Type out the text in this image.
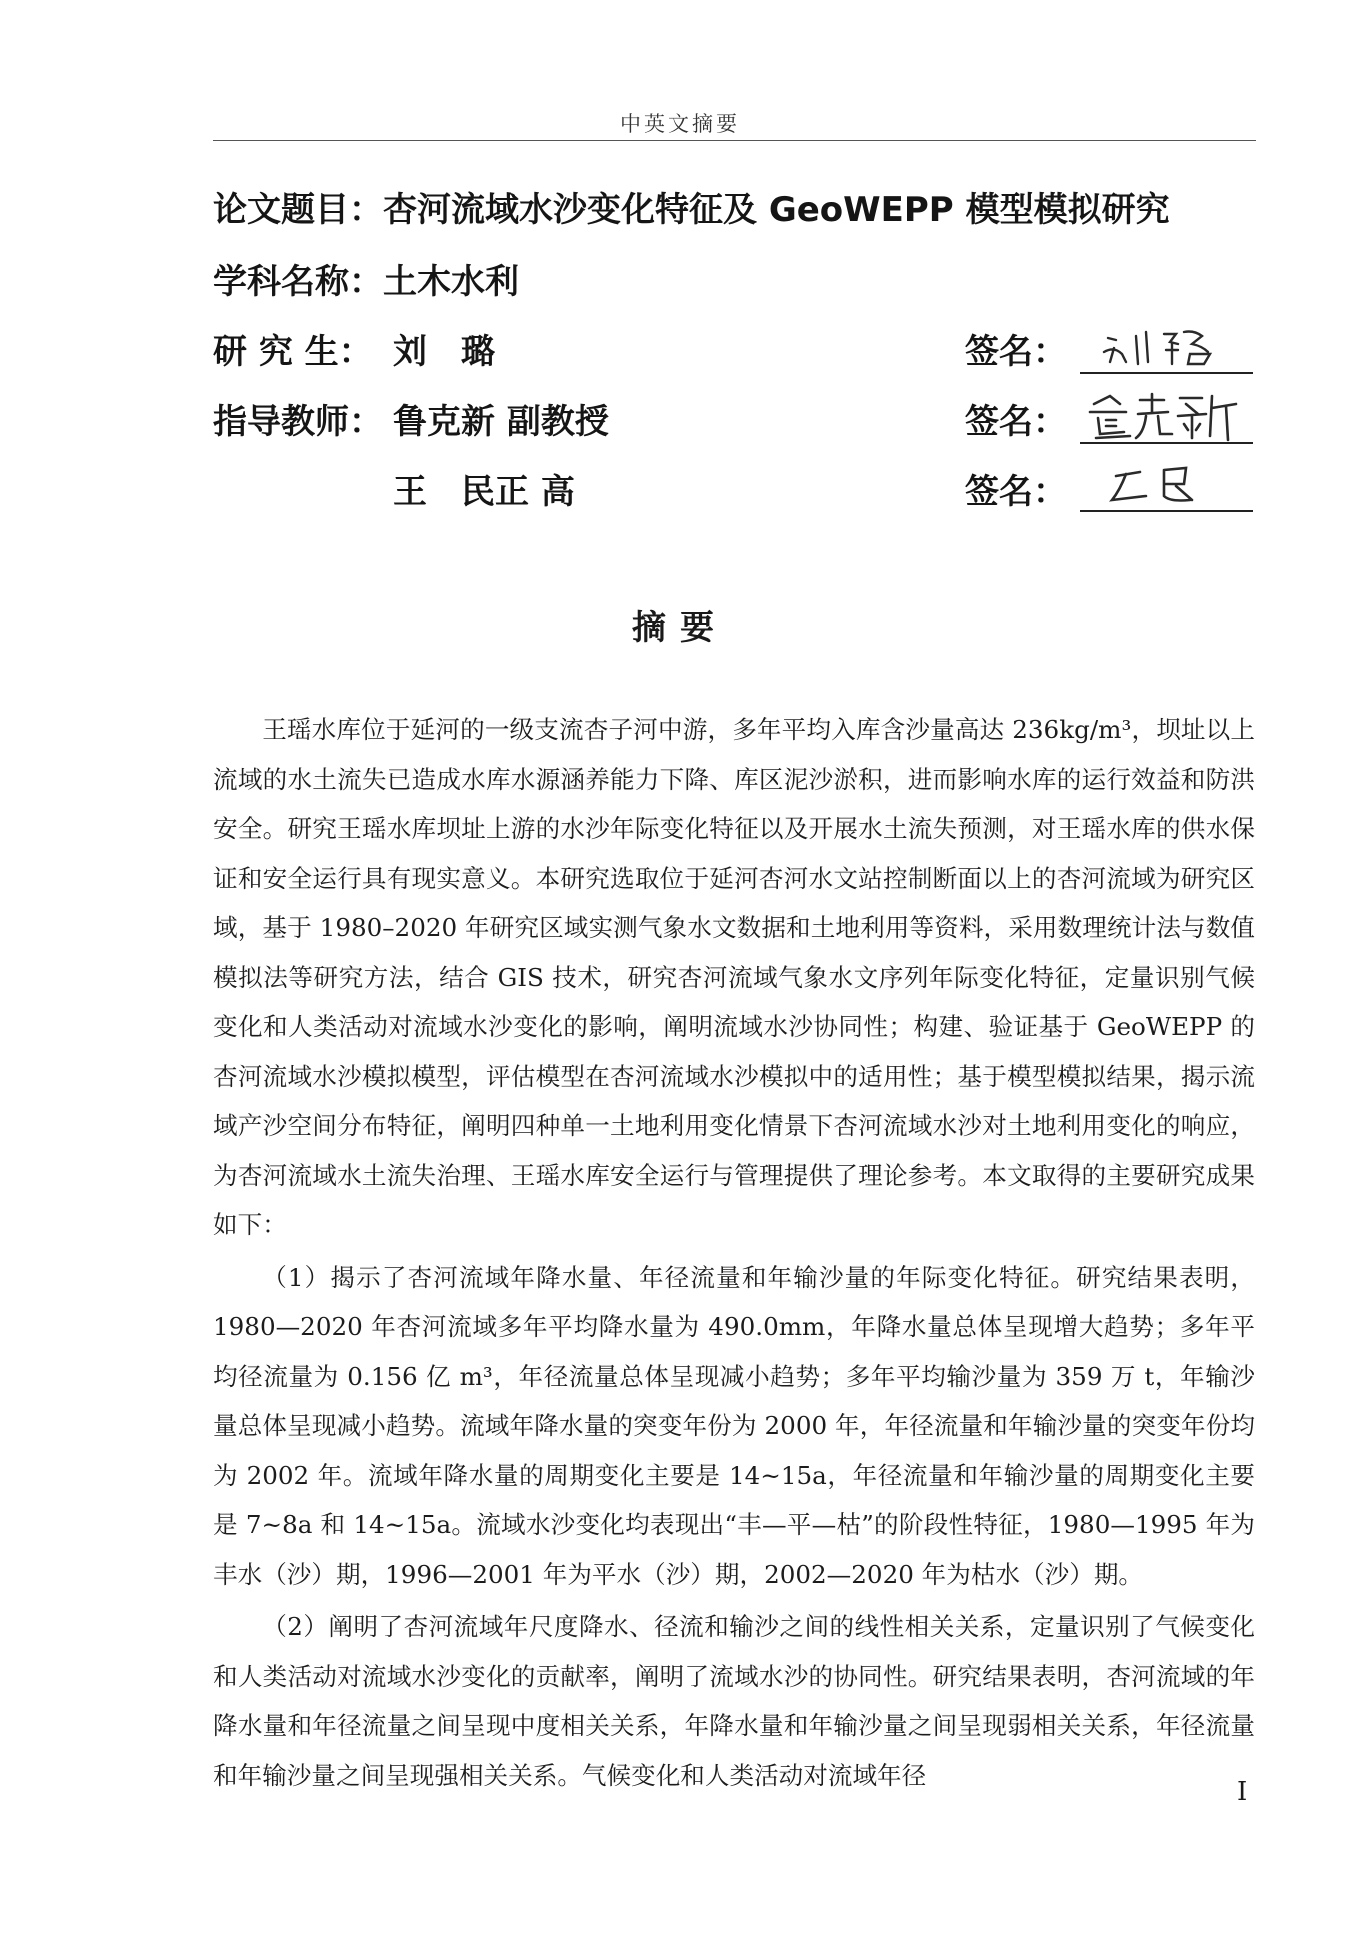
中英文摘要
论文题目：杏河流域水沙变化特征及 GeoWEPP 模型模拟研究
学科名称：土木水利
研 究 生： 刘　璐	签名：
指导教师： 鲁克新 副教授	签名：
王　民正 高	签名：
摘要

王瑶水库位于延河的一级支流杏子河中游，多年平均入库含沙量高达 236kg/m³，坝址以上流域的水土流失已造成水库水源涵养能力下降、库区泥沙淤积，进而影响水库的运行效益和防洪安全。研究王瑶水库坝址上游的水沙年际变化特征以及开展水土流失预测，对王瑶水库的供水保证和安全运行具有现实意义。本研究选取位于延河杏河水文站控制断面以上的杏河流域为研究区域，基于 1980–2020 年研究区域实测气象水文数据和土地利用等资料，采用数理统计法与数值模拟法等研究方法，结合 GIS 技术，研究杏河流域气象水文序列年际变化特征，定量识别气候变化和人类活动对流域水沙变化的影响，阐明流域水沙协同性；构建、验证基于 GeoWEPP 的杏河流域水沙模拟模型，评估模型在杏河流域水沙模拟中的适用性；基于模型模拟结果，揭示流域产沙空间分布特征，阐明四种单一土地利用变化情景下杏河流域水沙对土地利用变化的响应，为杏河流域水土流失治理、王瑶水库安全运行与管理提供了理论参考。本文取得的主要研究成果如下：

（1）揭示了杏河流域年降水量、年径流量和年输沙量的年际变化特征。研究结果表明，1980—2020 年杏河流域多年平均降水量为 490.0mm，年降水量总体呈现增大趋势；多年平均径流量为 0.156 亿 m³，年径流量总体呈现减小趋势；多年平均输沙量为 359 万 t，年输沙量总体呈现减小趋势。流域年降水量的突变年份为 2000 年，年径流量和年输沙量的突变年份均为 2002 年。流域年降水量的周期变化主要是 14~15a，年径流量和年输沙量的周期变化主要是 7~8a 和 14~15a。流域水沙变化均表现出“丰—平—枯”的阶段性特征，1980—1995 年为丰水（沙）期，1996—2001 年为平水（沙）期，2002—2020 年为枯水（沙）期。

（2）阐明了杏河流域年尺度降水、径流和输沙之间的线性相关关系，定量识别了气候变化和人类活动对流域水沙变化的贡献率，阐明了流域水沙的协同性。研究结果表明，杏河流域的年降水量和年径流量之间呈现中度相关关系，年降水量和年输沙量之间呈现弱相关关系，年径流量和年输沙量之间呈现强相关关系。气候变化和人类活动对流域年径

I
